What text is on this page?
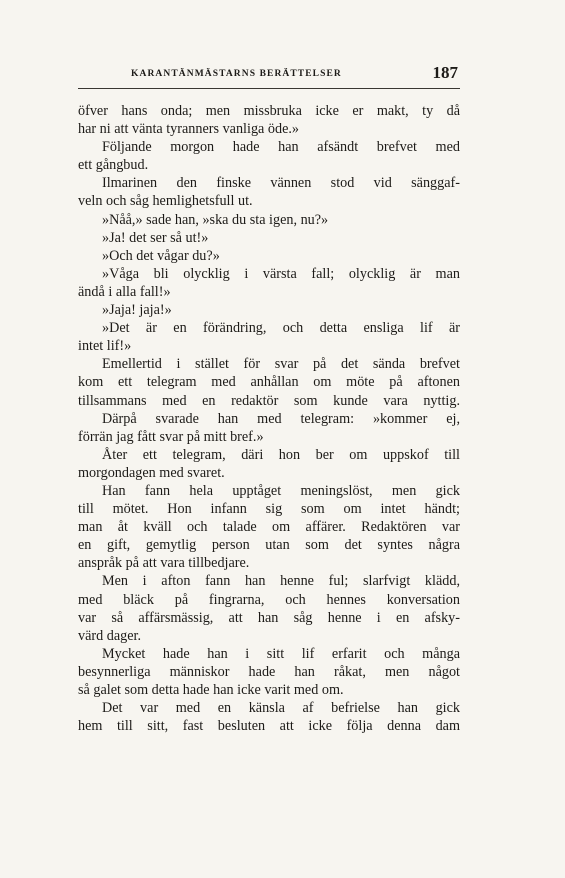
KARANTÄNMÄSTARNS BERÄTTELSER	187
öfver hans onda; men missbruka icke er makt, ty då
har ni att vänta tyranners vanliga öde.»
Följande morgon hade han afsändt brefvet med
ett gångbud.
Ilmarinen den finske vännen stod vid sänggaf-
veln och såg hemlighetsfull ut.
»Nåå,» sade han, »ska du sta igen, nu?»
»Ja! det ser så ut!»
»Och det vågar du?»
»Våga bli olycklig i värsta fall; olycklig är man
ändå i alla fall!»
»Jaja! jaja!»
»Det är en förändring, och detta ensliga lif är
intet lif!»
Emellertid i stället för svar på det sända brefvet
kom ett telegram med anhållan om möte på aftonen
tillsammans med en redaktör som kunde vara nyttig.
Därpå svarade han med telegram: »kommer ej,
förrän jag fått svar på mitt bref.»
Åter ett telegram, däri hon ber om uppskof till
morgondagen med svaret.
Han fann hela upptåget meningslöst, men gick
till mötet. Hon infann sig som om intet händt;
man åt kväll och talade om affärer. Redaktören var
en gift, gemytlig person utan som det syntes några
anspråk på att vara tillbedjare.
Men i afton fann han henne ful; slarfvigt klädd,
med bläck på fingrarna, och hennes konversation
var så affärsmässig, att han såg henne i en afsky-
värd dager.
Mycket hade han i sitt lif erfarit och många
besynnerliga människor hade han råkat, men något
så galet som detta hade han icke varit med om.
Det var med en känsla af befrielse han gick
hem till sitt, fast besluten att icke följa denna dam
